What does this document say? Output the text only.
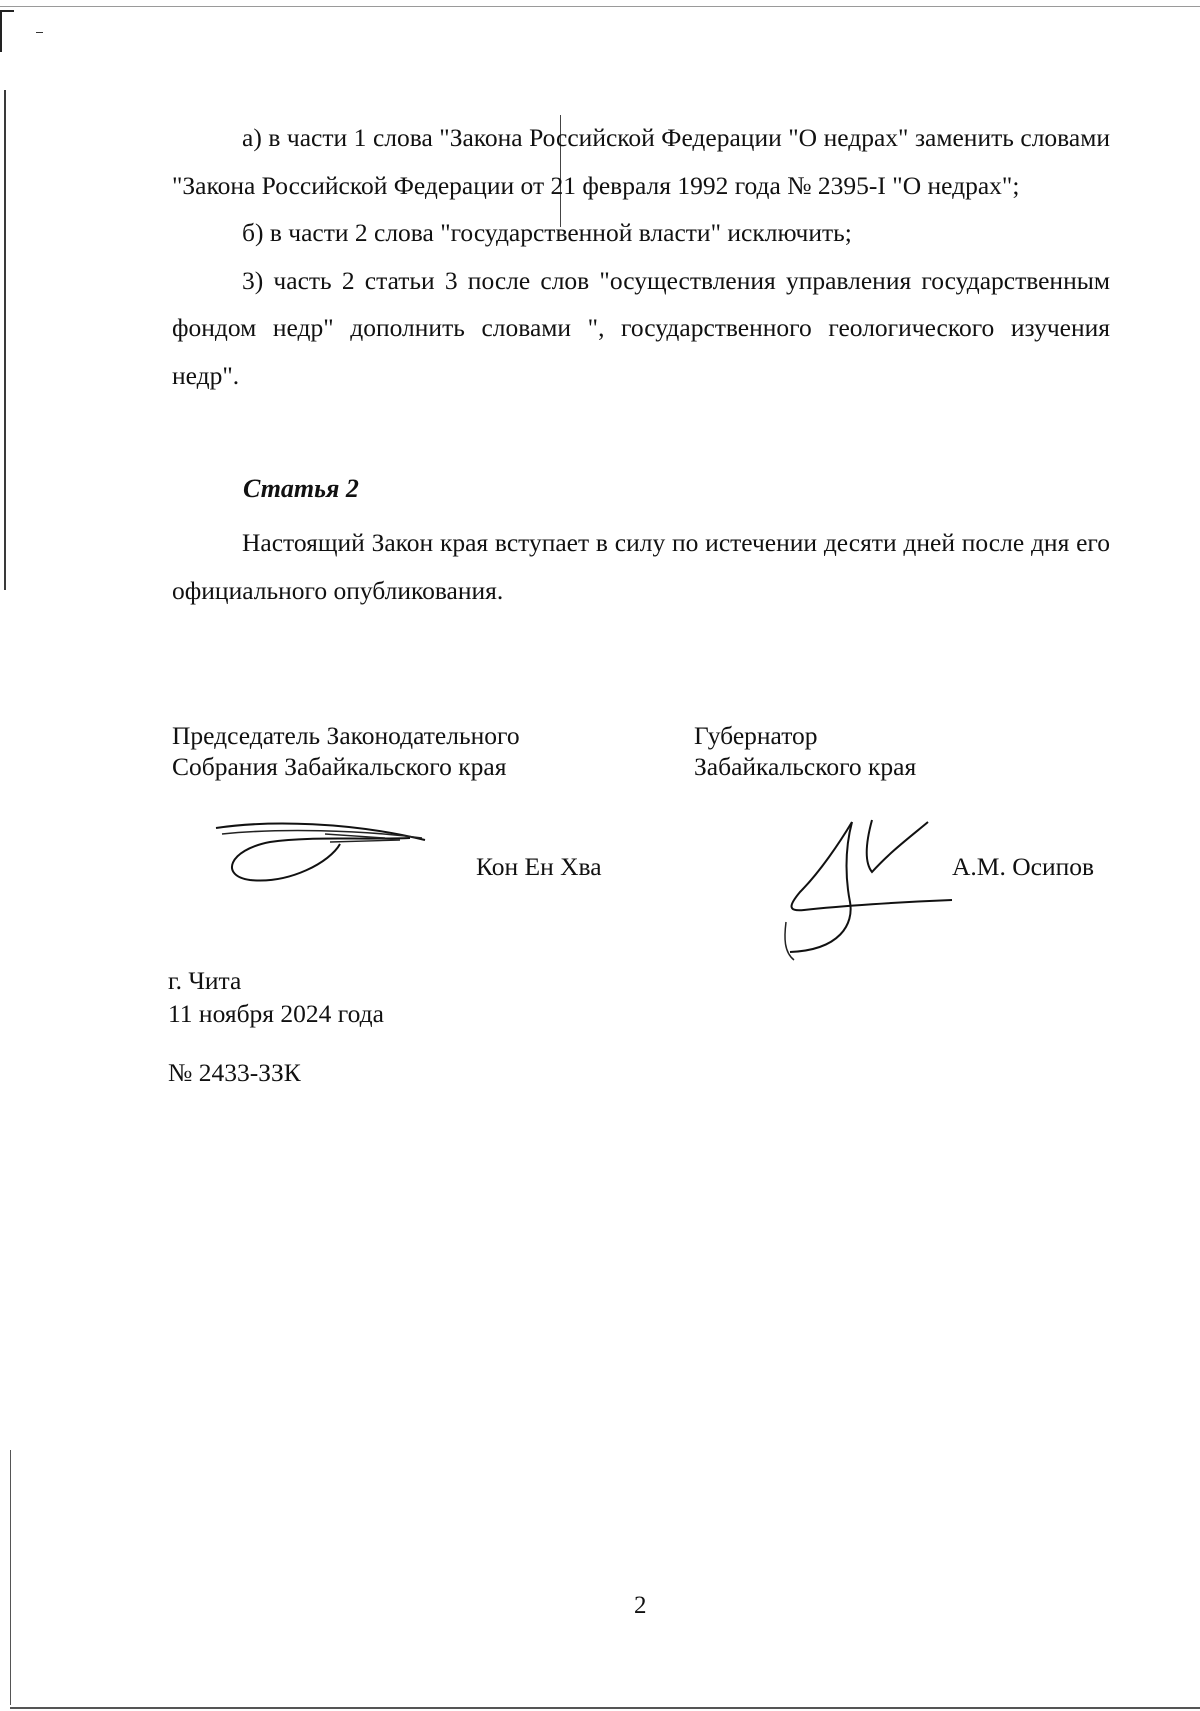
а) в части 1 слова "Закона Российской Федерации "О недрах" заменить словами "Закона Российской Федерации от 21 февраля 1992 года № 2395-I "О недрах";

б) в части 2 слова "государственной власти" исключить;

3) часть 2 статьи 3 после слов "осуществления управления государственным фондом недр" дополнить словами ", государственного геологического изучения недр".

Статья 2

Настоящий Закон края вступает в силу по истечении десяти дней после дня его официального опубликования.

Председатель Законодательного
Собрания Забайкальского края
Кон Ен Хва
Губернатор
Забайкальского края
А.М. Осипов
г. Чита
11 ноября 2024 года
№ 2433-ЗЗК
2
